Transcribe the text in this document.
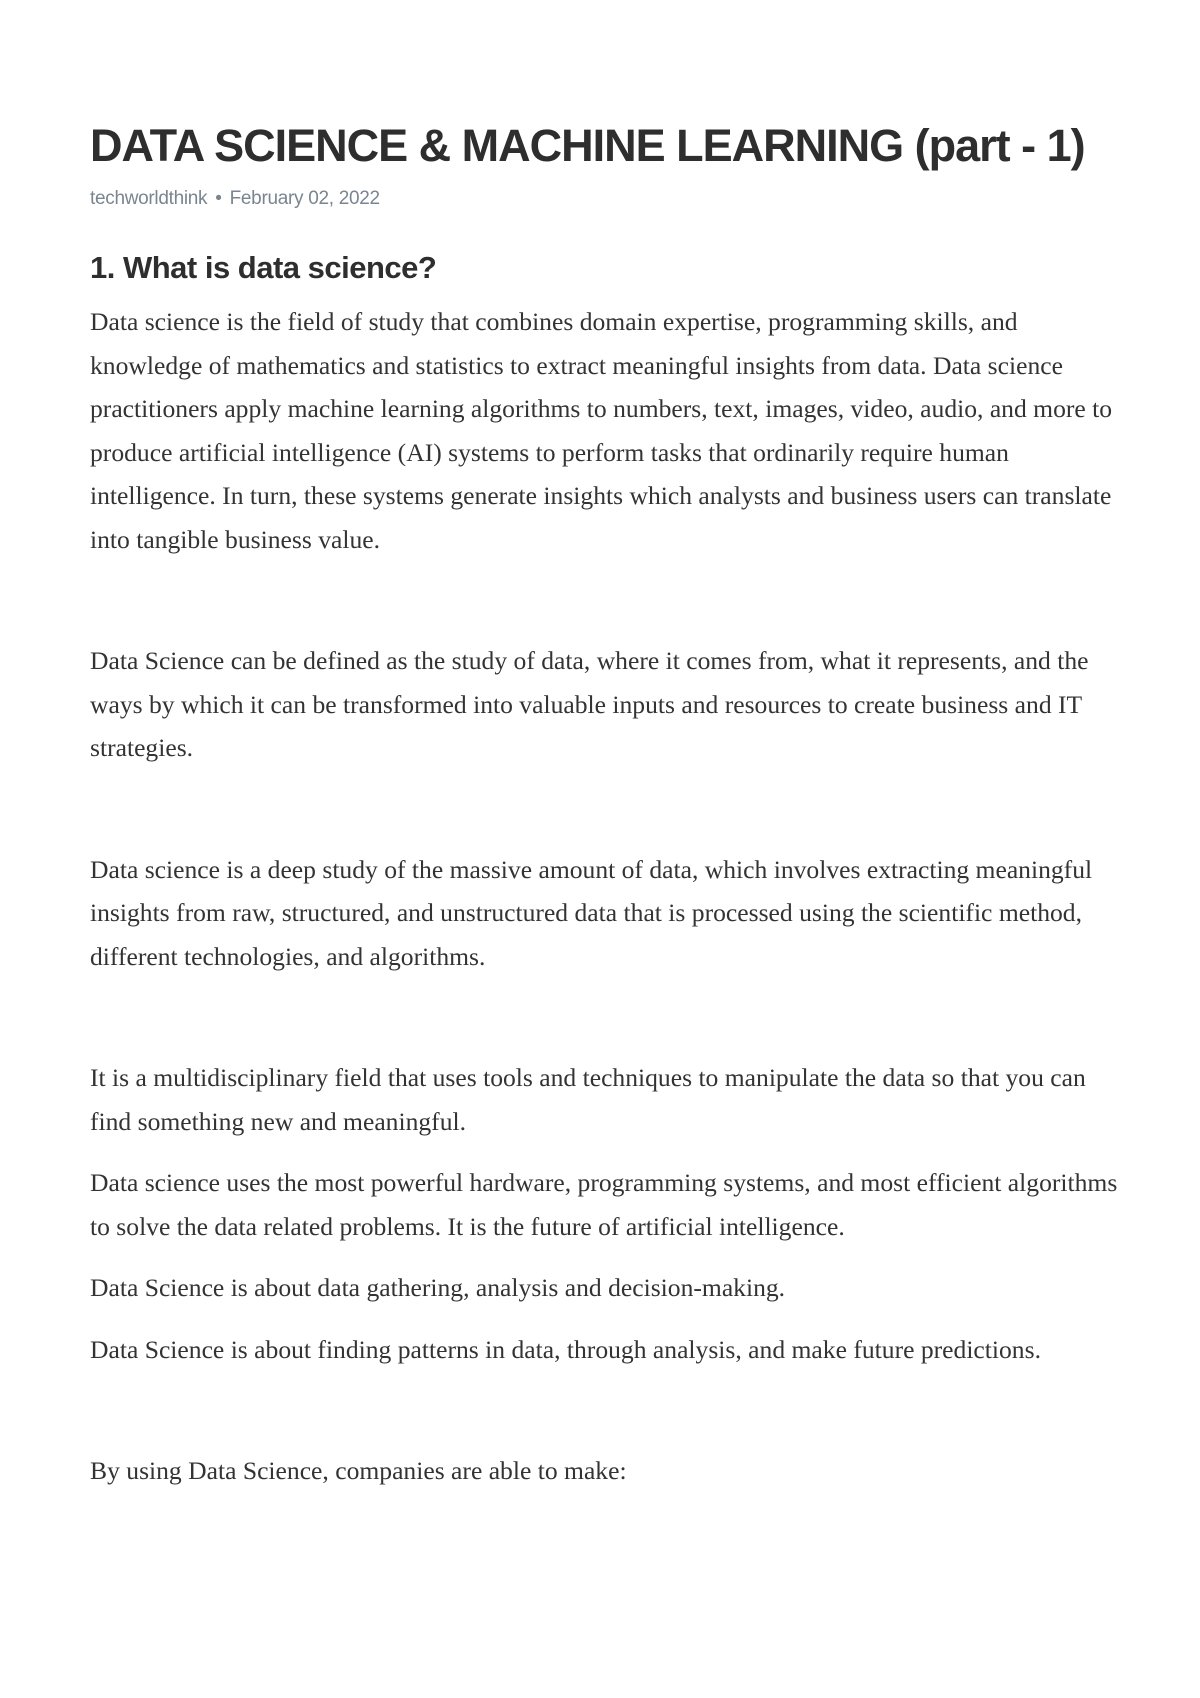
DATA SCIENCE & MACHINE LEARNING (part - 1)
techworldthink • February 02, 2022
1. What is data science?

Data science is the field of study that combines domain expertise, programming skills, and knowledge of mathematics and statistics to extract meaningful insights from data. Data science practitioners apply machine learning algorithms to numbers, text, images, video, audio, and more to produce artificial intelligence (AI) systems to perform tasks that ordinarily require human intelligence. In turn, these systems generate insights which analysts and business users can translate into tangible business value.

Data Science can be defined as the study of data, where it comes from, what it represents, and the ways by which it can be transformed into valuable inputs and resources to create business and IT strategies.

Data science is a deep study of the massive amount of data, which involves extracting meaningful insights from raw, structured, and unstructured data that is processed using the scientific method, different technologies, and algorithms.

It is a multidisciplinary field that uses tools and techniques to manipulate the data so that you can find something new and meaningful.

Data science uses the most powerful hardware, programming systems, and most efficient algorithms to solve the data related problems. It is the future of artificial intelligence.

Data Science is about data gathering, analysis and decision-making.

Data Science is about finding patterns in data, through analysis, and make future predictions.

By using Data Science, companies are able to make:
